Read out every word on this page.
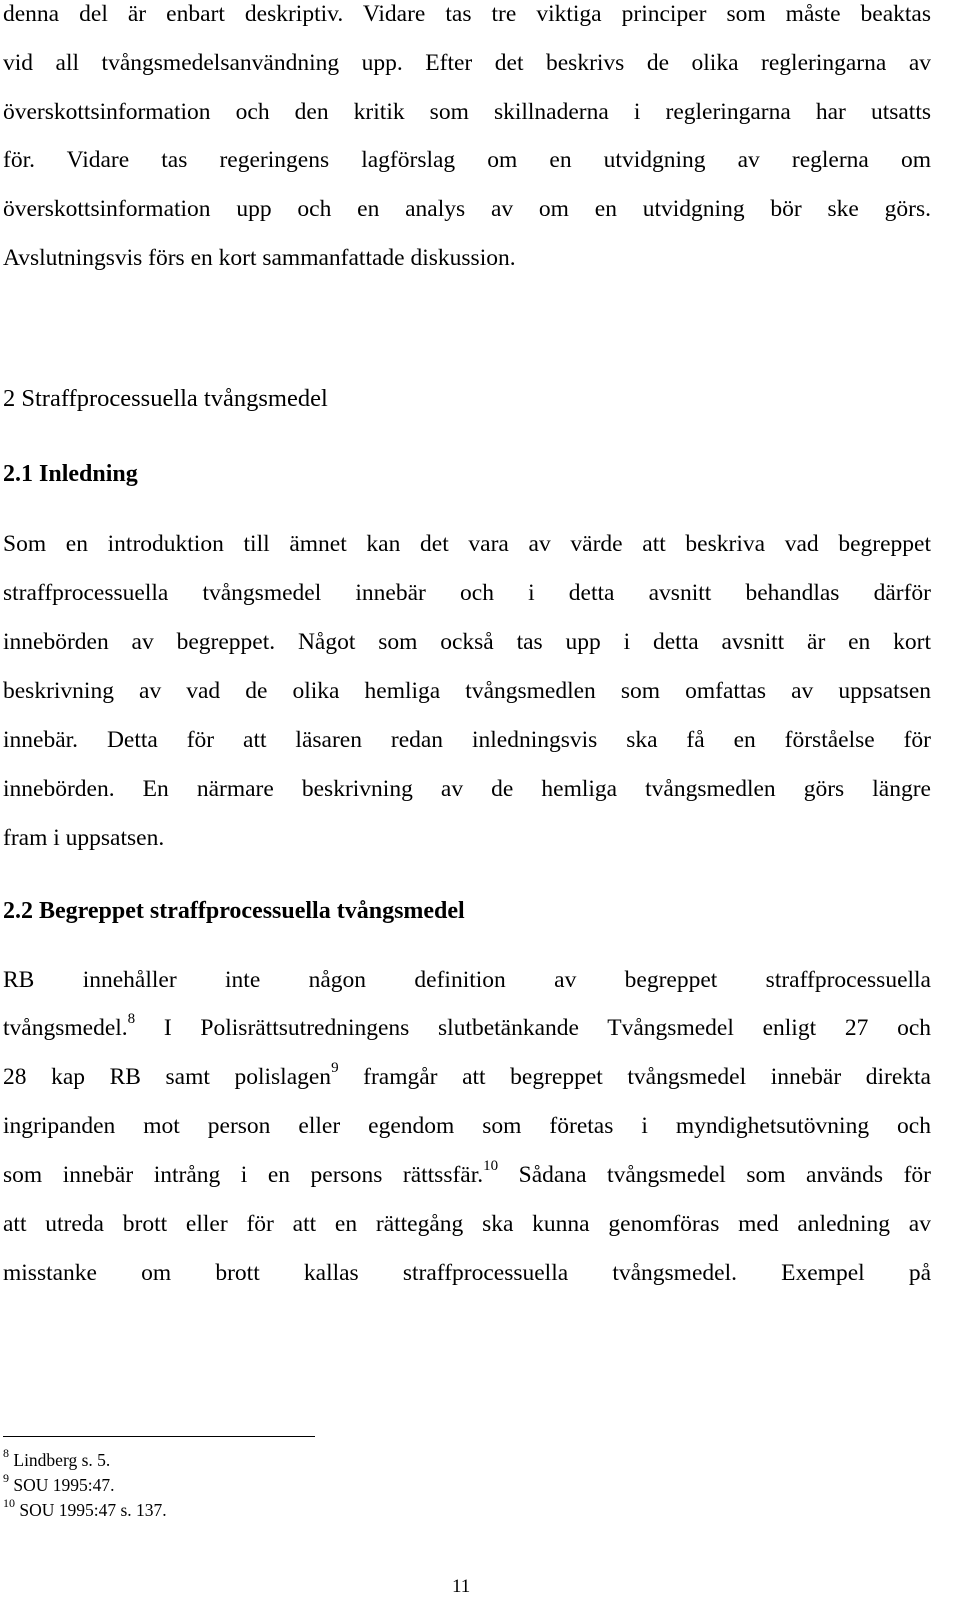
denna del är enbart deskriptiv. Vidare tas tre viktiga principer som måste beaktas
vid all tvångsmedelsanvändning upp. Efter det beskrivs de olika regleringarna av
överskottsinformation och den kritik som skillnaderna i regleringarna har utsatts
för. Vidare tas regeringens lagförslag om en utvidgning av reglerna om
överskottsinformation upp och en analys av om en utvidgning bör ske görs.
Avslutningsvis förs en kort sammanfattade diskussion.
2 Straffprocessuella tvångsmedel
2.1 Inledning
Som en introduktion till ämnet kan det vara av värde att beskriva vad begreppet
straffprocessuella tvångsmedel innebär och i detta avsnitt behandlas därför
innebörden av begreppet. Något som också tas upp i detta avsnitt är en kort
beskrivning av vad de olika hemliga tvångsmedlen som omfattas av uppsatsen
innebär. Detta för att läsaren redan inledningsvis ska få en förståelse för
innebörden. En närmare beskrivning av de hemliga tvångsmedlen görs längre
fram i uppsatsen.
2.2 Begreppet straffprocessuella tvångsmedel
RB innehåller inte någon definition av begreppet straffprocessuella
tvångsmedel.$^8$ I Polisrättsutredningens slutbetänkande Tvångsmedel enligt 27 och
28 kap RB samt polislagen$^9$ framgår att begreppet tvångsmedel innebär direkta
ingripanden mot person eller egendom som företas i myndighetsutövning och
som innebär intrång i en persons rättssfär.$^{10}$ Sådana tvångsmedel som används för
att utreda brott eller för att en rättegång ska kunna genomföras med anledning av
misstanke om brott kallas straffprocessuella tvångsmedel. Exempel på
$^8$ Lindberg s. 5.
$^9$ SOU 1995:47.
$^{10}$ SOU 1995:47 s. 137.
11
